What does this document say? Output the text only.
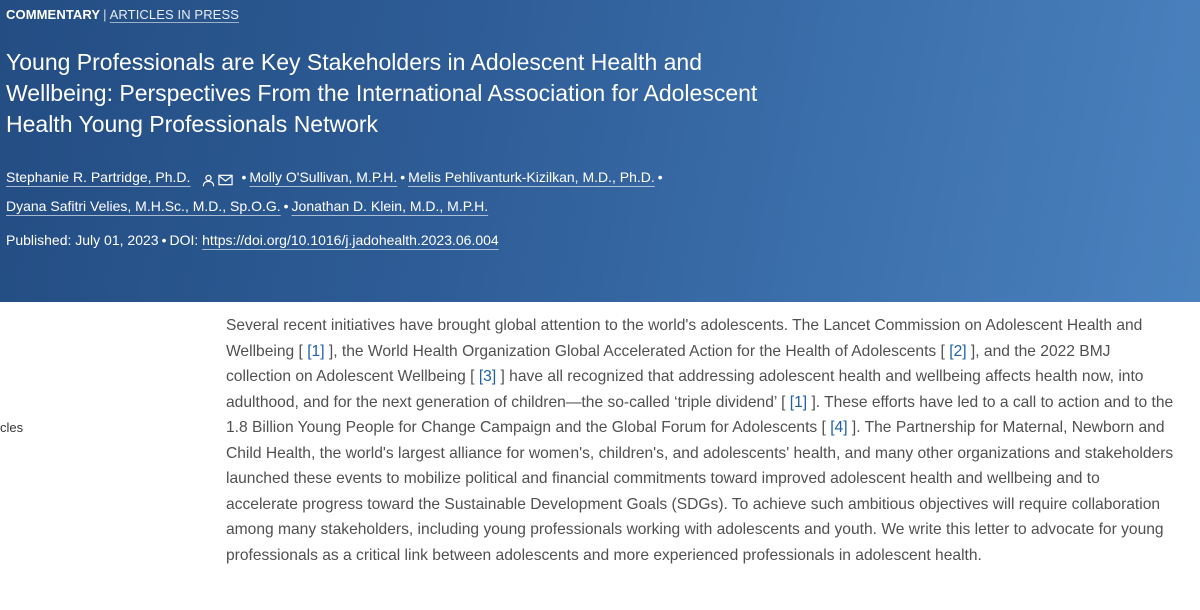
COMMENTARY | ARTICLES IN PRESS
Young Professionals are Key Stakeholders in Adolescent Health and Wellbeing: Perspectives From the International Association for Adolescent Health Young Professionals Network
Stephanie R. Partridge, Ph.D.	• Molly O'Sullivan, M.P.H. • Melis Pehlivanturk-Kizilkan, M.D., Ph.D. •
Dyana Safitri Velies, M.H.Sc., M.D., Sp.O.G. • Jonathan D. Klein, M.D., M.P.H.
Published: July 01, 2023 • DOI: https://doi.org/10.1016/j.jadohealth.2023.06.004
cles

Several recent initiatives have brought global attention to the world's adolescents. The Lancet Commission on Adolescent Health and Wellbeing [ [1] ], the World Health Organization Global Accelerated Action for the Health of Adolescents [ [2] ], and the 2022 BMJ collection on Adolescent Wellbeing [ [3] ] have all recognized that addressing adolescent health and wellbeing affects health now, into adulthood, and for the next generation of children—the so-called ‘triple dividend’ [ [1] ]. These efforts have led to a call to action and to the 1.8 Billion Young People for Change Campaign and the Global Forum for Adolescents [ [4] ]. The Partnership for Maternal, Newborn and Child Health, the world's largest alliance for women's, children's, and adolescents' health, and many other organizations and stakeholders launched these events to mobilize political and financial commitments toward improved adolescent health and wellbeing and to accelerate progress toward the Sustainable Development Goals (SDGs). To achieve such ambitious objectives will require collaboration among many stakeholders, including young professionals working with adolescents and youth. We write this letter to advocate for young professionals as a critical link between adolescents and more experienced professionals in adolescent health.
